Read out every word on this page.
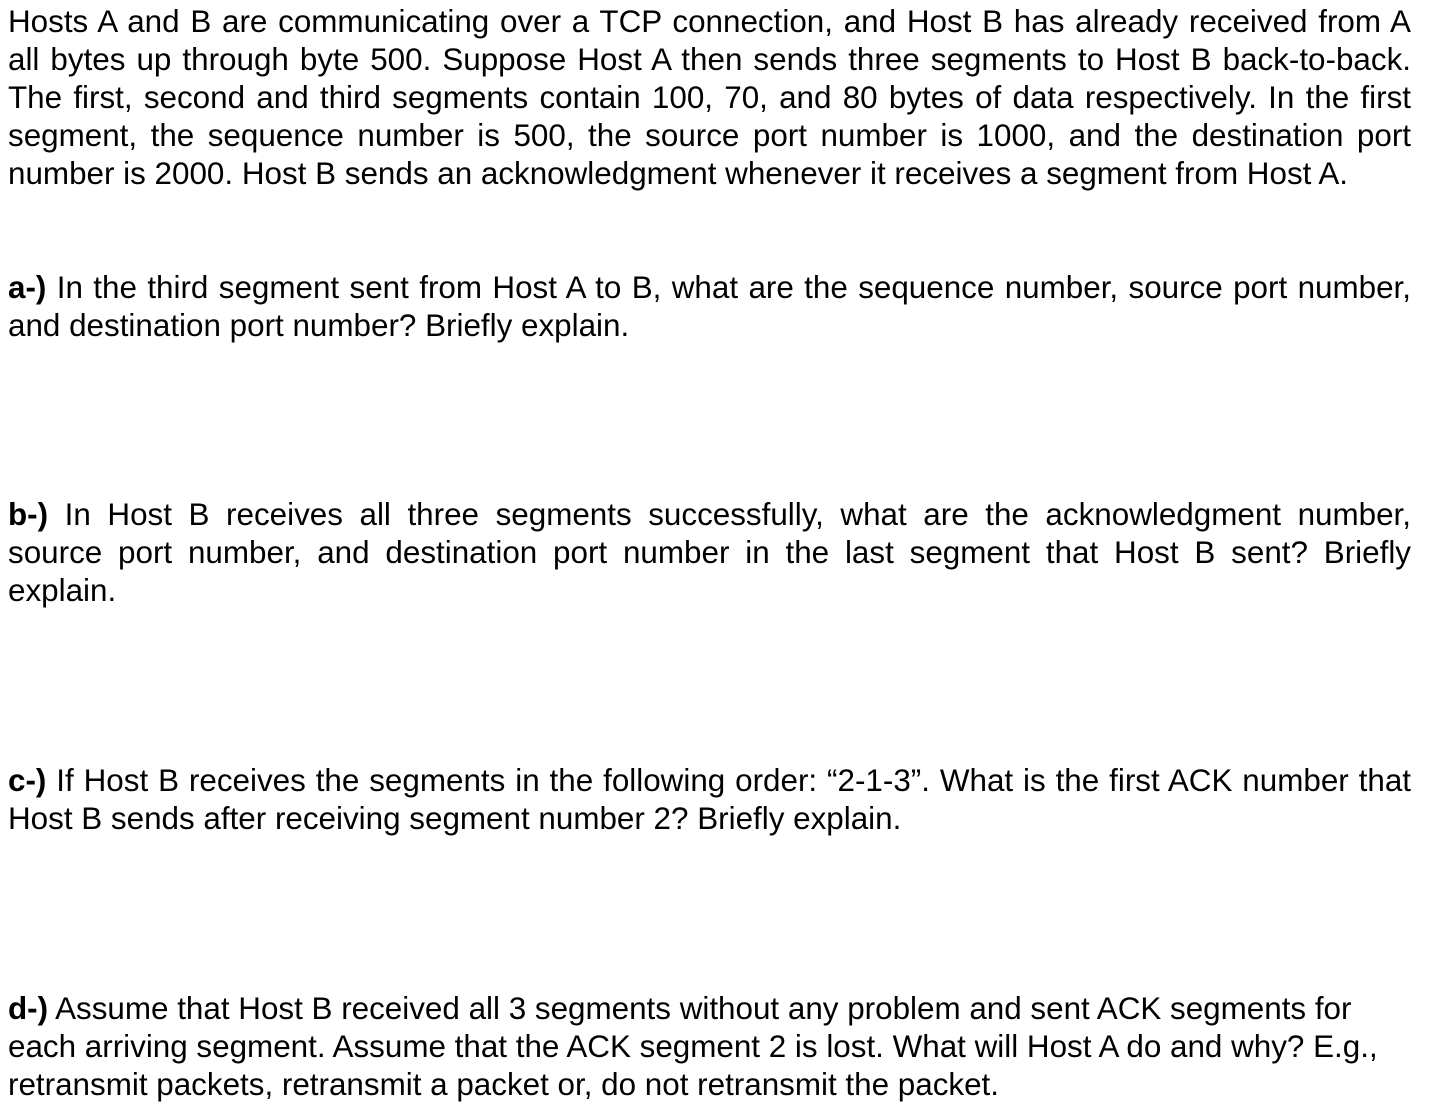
Hosts A and B are communicating over a TCP connection, and Host B has already received from A all bytes up through byte 500. Suppose Host A then sends three segments to Host B back-to-back. The first, second and third segments contain 100, 70, and 80 bytes of data respectively. In the first segment, the sequence number is 500, the source port number is 1000, and the destination port number is 2000. Host B sends an acknowledgment whenever it receives a segment from Host A.

a-) In the third segment sent from Host A to B, what are the sequence number, source port number, and destination port number? Briefly explain.

b-) In Host B receives all three segments successfully, what are the acknowledgment number, source port number, and destination port number in the last segment that Host B sent? Briefly explain.

c-) If Host B receives the segments in the following order: “2-1-3”. What is the first ACK number that Host B sends after receiving segment number 2? Briefly explain.

d-) Assume that Host B received all 3 segments without any problem and sent ACK segments for each arriving segment. Assume that the ACK segment 2 is lost. What will Host A do and why? E.g., retransmit packets, retransmit a packet or, do not retransmit the packet.
